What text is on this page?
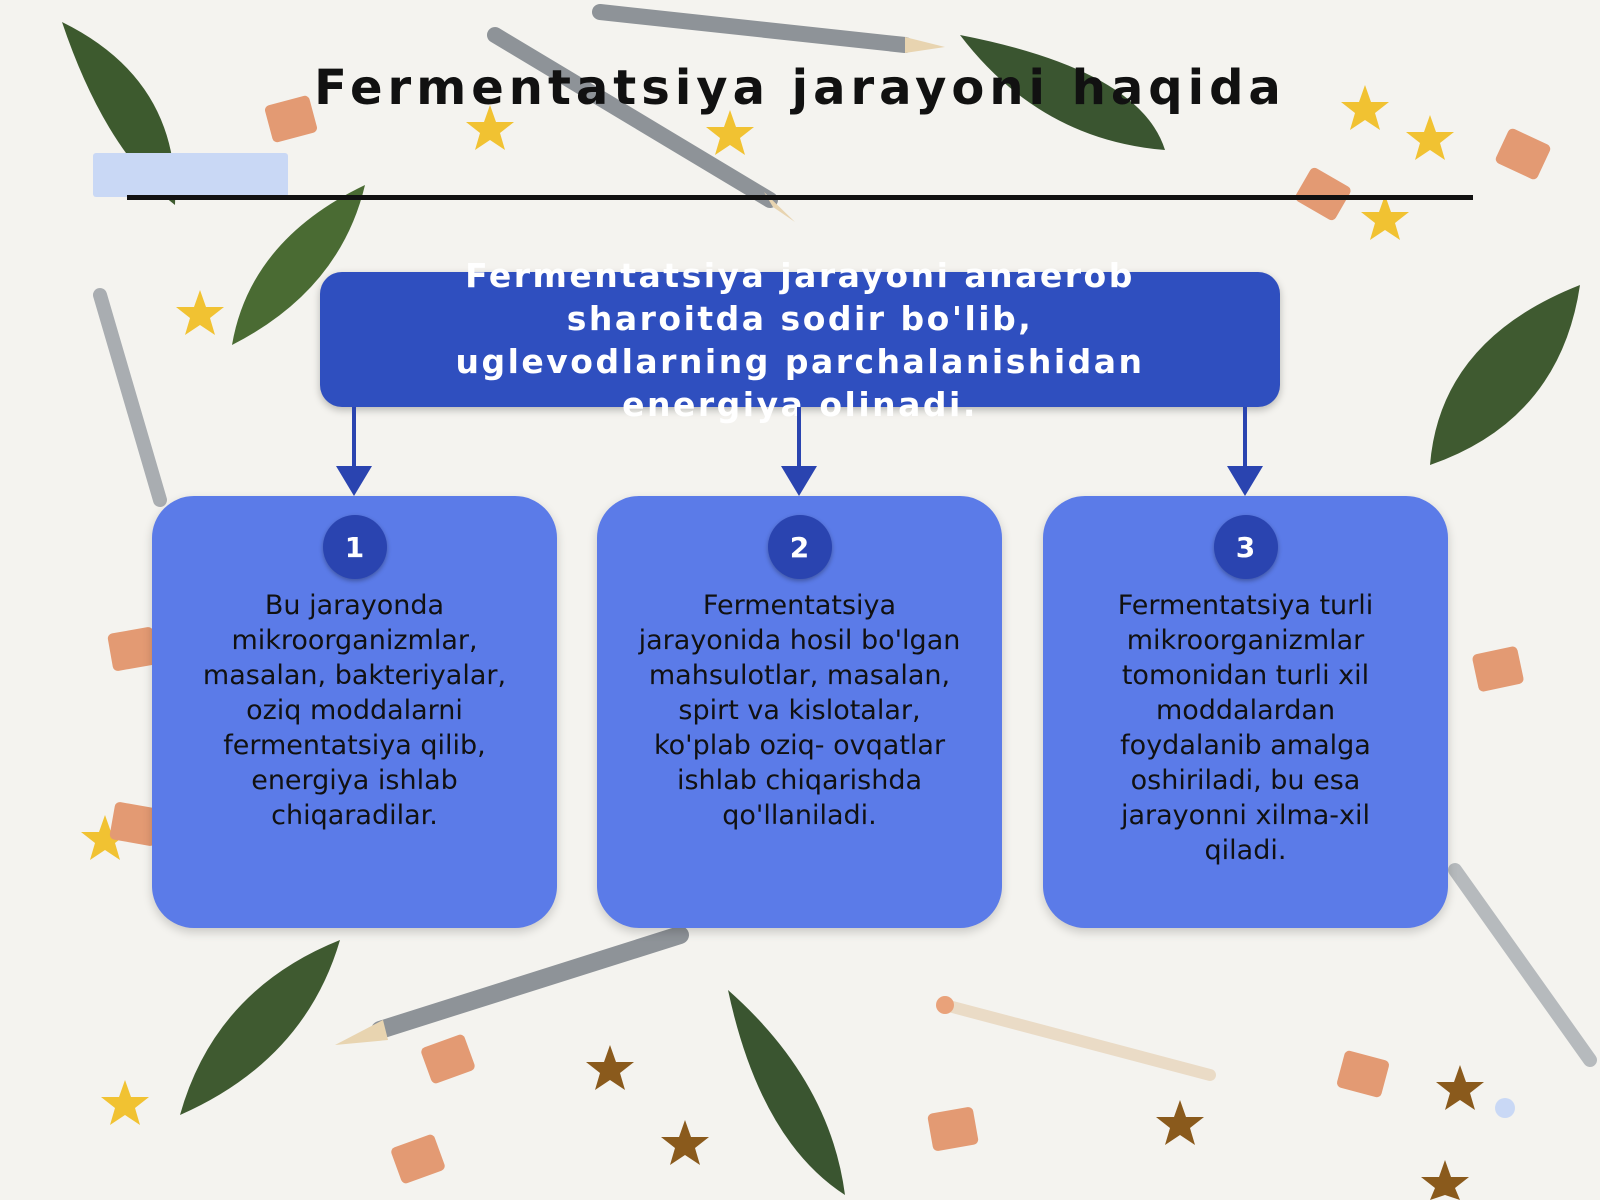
Fermentatsiya jarayoni haqida
Fermentatsiya jarayoni anaerob sharoitda sodir bo'lib, uglevodlarning parchalanishidan energiya olinadi.
1
Bu jarayonda mikroorganizmlar, masalan, bakteriyalar, oziq moddalarni fermentatsiya qilib, energiya ishlab chiqaradilar.
2
Fermentatsiya jarayonida hosil bo'lgan mahsulotlar, masalan, spirt va kislotalar, ko'plab oziq- ovqatlar ishlab chiqarishda qo'llaniladi.
3
Fermentatsiya turli mikroorganizmlar tomonidan turli xil moddalardan foydalanib amalga oshiriladi, bu esa jarayonni xilma-xil qiladi.
